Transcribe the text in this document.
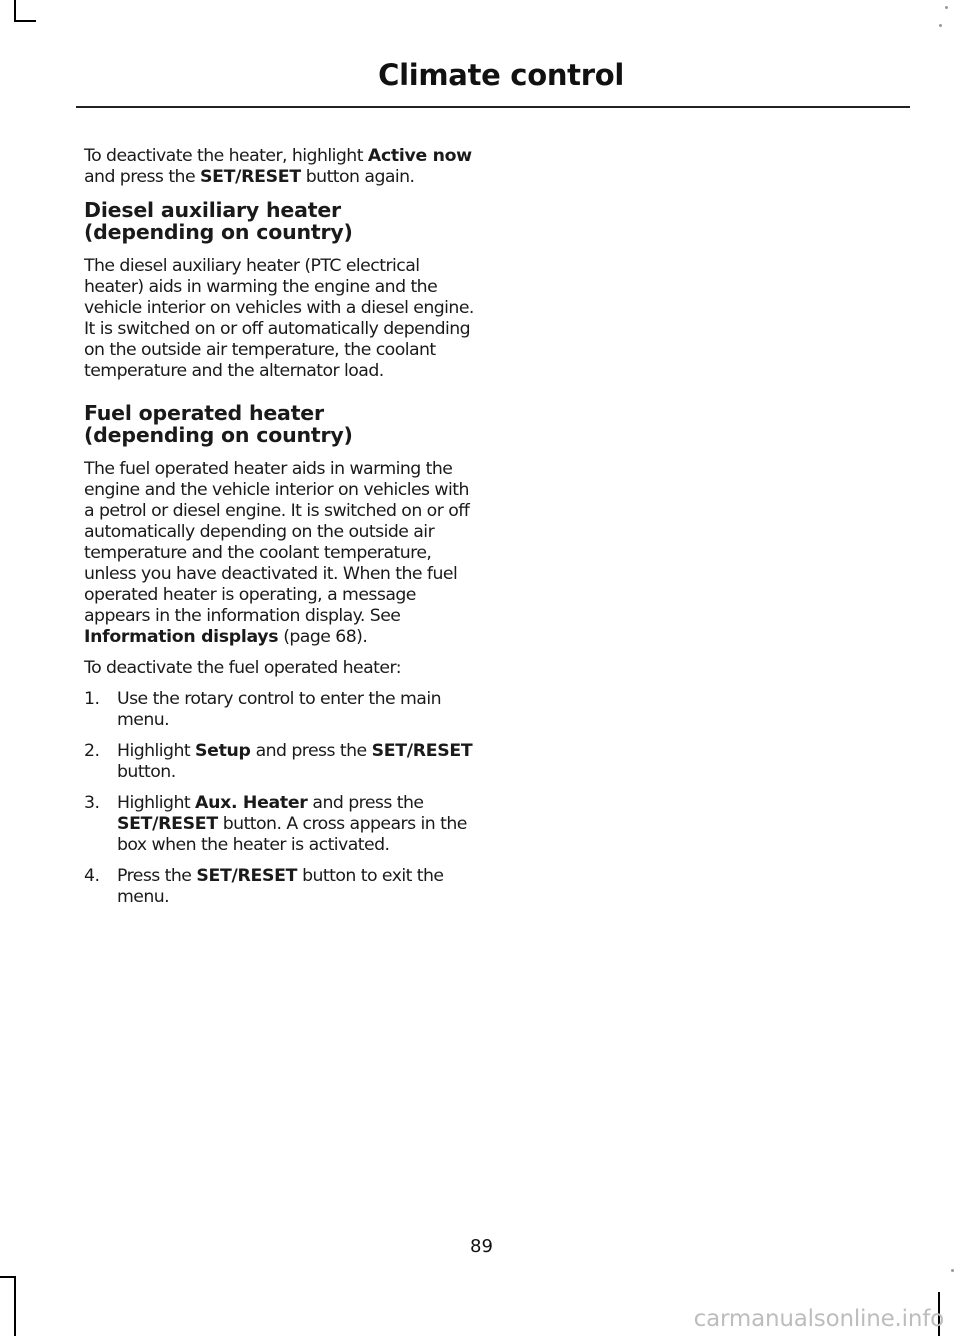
Climate control

To deactivate the heater, highlight Active now and press the SET/RESET button again.

Diesel auxiliary heater
(depending on country)

The diesel auxiliary heater (PTC electrical heater) aids in warming the engine and the vehicle interior on vehicles with a diesel engine. It is switched on or off automatically depending on the outside air temperature, the coolant temperature and the alternator load.

Fuel operated heater
(depending on country)

The fuel operated heater aids in warming the engine and the vehicle interior on vehicles with a petrol or diesel engine. It is switched on or off automatically depending on the outside air temperature and the coolant temperature, unless you have deactivated it. When the fuel operated heater is operating, a message appears in the information display. See Information displays (page 68).

To deactivate the fuel operated heater:

1. Use the rotary control to enter the main menu.
2. Highlight Setup and press the SET/RESET button.
3. Highlight Aux. Heater and press the SET/RESET button. A cross appears in the box when the heater is activated.
4. Press the SET/RESET button to exit the menu.
89
carmanualsonline.info
